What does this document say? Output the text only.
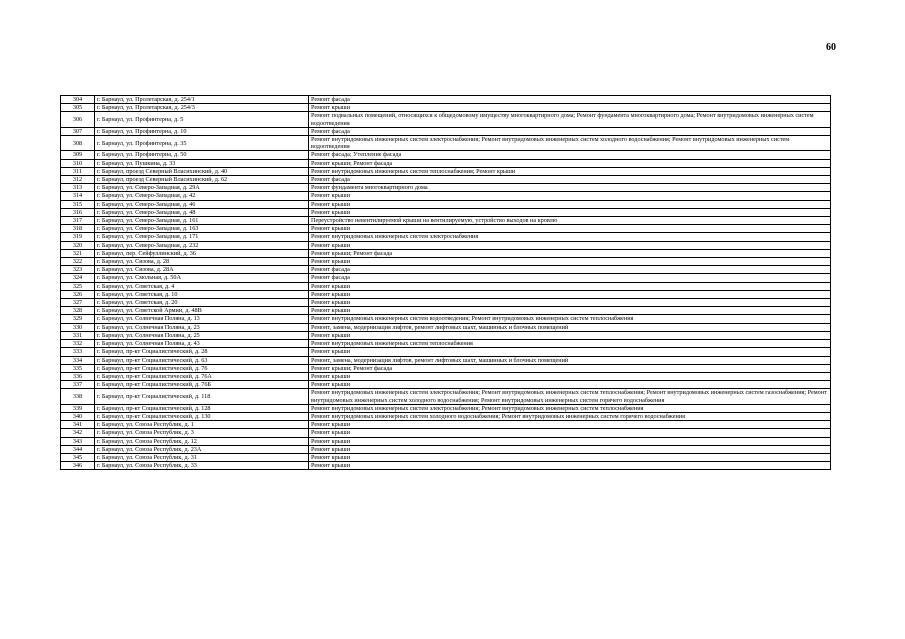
60
304	г. Барнаул, ул. Пролетарская, д. 254/1	Ремонт фасада
305	г. Барнаул, ул. Пролетарская, д. 254/3	Ремонт крыши
306	г. Барнаул, ул. Профинтерна, д. 5	Ремонт подвальных помещений, относящихся к общедомовому имуществу многоквартирного дома; Ремонт фундамента многоквартирного дома; Ремонт внутридомовых инженерных систем водоотведения
307	г. Барнаул, ул. Профинтерна, д. 10	Ремонт фасада
308	г. Барнаул, ул. Профинтерна, д. 35	Ремонт внутридомовых инженерных систем электроснабжения; Ремонт внутридомовых инженерных систем холодного водоснабжения; Ремонт внутридомовых инженерных систем водоотведения
309	г. Барнаул, ул. Профинтерна, д. 50	Ремонт фасада; Утепление фасада
310	г. Барнаул, ул. Пушкина, д. 33	Ремонт крыши; Ремонт фасада
311	г. Барнаул, проезд Северный Власихинский, д. 40	Ремонт внутридомовых инженерных систем теплоснабжения; Ремонт крыши
312	г. Барнаул, проезд Северный Власихинский, д. 62	Ремонт фасада
313	г. Барнаул, ул. Северо-Западная, д. 29А	Ремонт фундамента многоквартирного дома
314	г. Барнаул, ул. Северо-Западная, д. 42	Ремонт крыши
315	г. Барнаул, ул. Северо-Западная, д. 46	Ремонт крыши
316	г. Барнаул, ул. Северо-Западная, д. 48	Ремонт крыши
317	г. Барнаул, ул. Северо-Западная, д. 161	Переустройство невентилируемой крыши на вентилируемую, устройство выходов на кровлю
318	г. Барнаул, ул. Северо-Западная, д. 163	Ремонт крыши
319	г. Барнаул, ул. Северо-Западная, д. 171	Ремонт внутридомовых инженерных систем электроснабжения
320	г. Барнаул, ул. Северо-Западная, д. 232	Ремонт крыши
321	г. Барнаул, пер. Сейфуллинский, д. 36	Ремонт крыши; Ремонт фасада
322	г. Барнаул, ул. Сизова, д. 28	Ремонт крыши
323	г. Барнаул, ул. Сизова, д. 28А	Ремонт фасада
324	г. Барнаул, ул. Смольная, д. 50А	Ремонт фасада
325	г. Барнаул, ул. Советская, д. 4	Ремонт крыши
326	г. Барнаул, ул. Советская, д. 10	Ремонт крыши
327	г. Барнаул, ул. Советская, д. 20	Ремонт крыши
328	г. Барнаул, ул. Советской Армии, д. 48В	Ремонт крыши
329	г. Барнаул, ул. Солнечная Поляна, д. 13	Ремонт внутридомовых инженерных систем водоотведения; Ремонт внутридомовых инженерных систем теплоснабжения
330	г. Барнаул, ул. Солнечная Поляна, д. 23	Ремонт, замена, модернизация лифтов, ремонт лифтовых шахт, машинных и блочных помещений
331	г. Барнаул, ул. Солнечная Поляна, д. 25	Ремонт крыши
332	г. Барнаул, ул. Солнечная Поляна, д. 43	Ремонт внутридомовых инженерных систем теплоснабжения
333	г. Барнаул, пр-кт Социалистический, д. 28	Ремонт крыши
334	г. Барнаул, пр-кт Социалистический, д. 63	Ремонт, замена, модернизация лифтов, ремонт лифтовых шахт, машинных и блочных помещений
335	г. Барнаул, пр-кт Социалистический, д. 76	Ремонт крыши; Ремонт фасада
336	г. Барнаул, пр-кт Социалистический, д. 76А	Ремонт крыши
337	г. Барнаул, пр-кт Социалистический, д. 76Б	Ремонт крыши
338	г. Барнаул, пр-кт Социалистический, д. 118	Ремонт внутридомовых инженерных систем электроснабжения; Ремонт внутридомовых инженерных систем теплоснабжения; Ремонт внутридомовых инженерных систем газоснабжения; Ремонт внутридомовых инженерных систем холодного водоснабжения; Ремонт внутридомовых инженерных систем горячего водоснабжения
339	г. Барнаул, пр-кт Социалистический, д. 128	Ремонт внутридомовых инженерных систем электроснабжения; Ремонт внутридомовых инженерных систем теплоснабжения
340	г. Барнаул, пр-кт Социалистический, д. 130	Ремонт внутридомовых инженерных систем холодного водоснабжения; Ремонт внутридомовых инженерных систем горячего водоснабжения
341	г. Барнаул, ул. Союза Республик, д. 1	Ремонт крыши
342	г. Барнаул, ул. Союза Республик, д. 3	Ремонт крыши
343	г. Барнаул, ул. Союза Республик, д. 12	Ремонт крыши
344	г. Барнаул, ул. Союза Республик, д. 23А	Ремонт крыши
345	г. Барнаул, ул. Союза Республик, д. 31	Ремонт крыши
346	г. Барнаул, ул. Союза Республик, д. 33	Ремонт крыши
